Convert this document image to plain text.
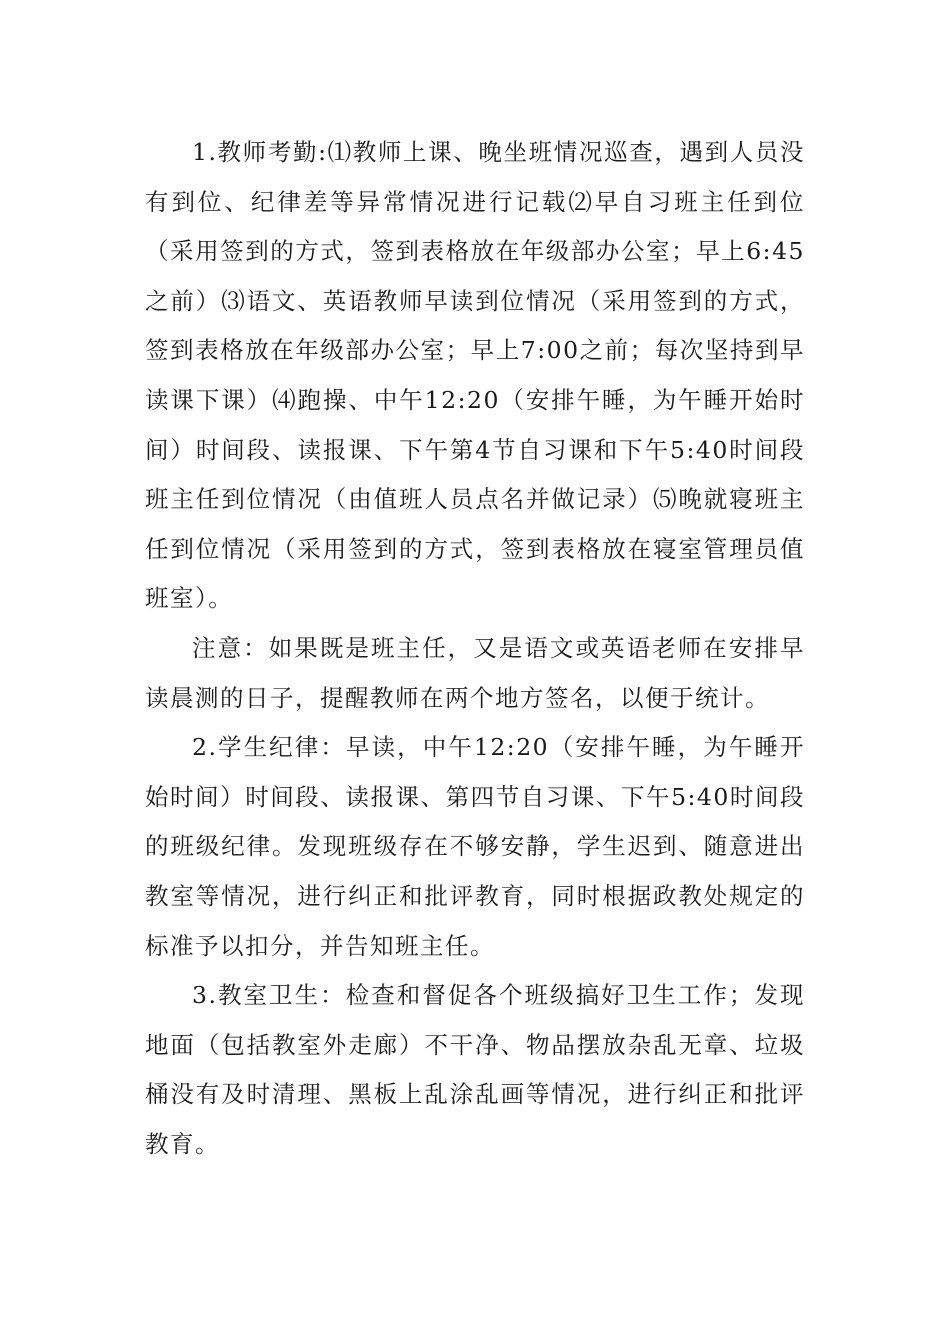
1.教师考勤:⑴教师上课、晚坐班情况巡查，遇到人员没有到位、纪律差等异常情况进行记载⑵早自习班主任到位（采用签到的方式，签到表格放在年级部办公室；早上6:45之前）⑶语文、英语教师早读到位情况（采用签到的方式，签到表格放在年级部办公室；早上7:00之前；每次坚持到早读课下课）⑷跑操、中午12:20（安排午睡，为午睡开始时间）时间段、读报课、下午第4节自习课和下午5:40时间段班主任到位情况（由值班人员点名并做记录）⑸晚就寝班主任到位情况（采用签到的方式，签到表格放在寝室管理员值班室）。

注意：如果既是班主任，又是语文或英语老师在安排早读晨测的日子，提醒教师在两个地方签名，以便于统计。

2.学生纪律：早读，中午12:20（安排午睡，为午睡开始时间）时间段、读报课、第四节自习课、下午5:40时间段的班级纪律。发现班级存在不够安静，学生迟到、随意进出教室等情况，进行纠正和批评教育，同时根据政教处规定的标准予以扣分，并告知班主任。

3.教室卫生：检查和督促各个班级搞好卫生工作；发现地面（包括教室外走廊）不干净、物品摆放杂乱无章、垃圾桶没有及时清理、黑板上乱涂乱画等情况，进行纠正和批评教育。
